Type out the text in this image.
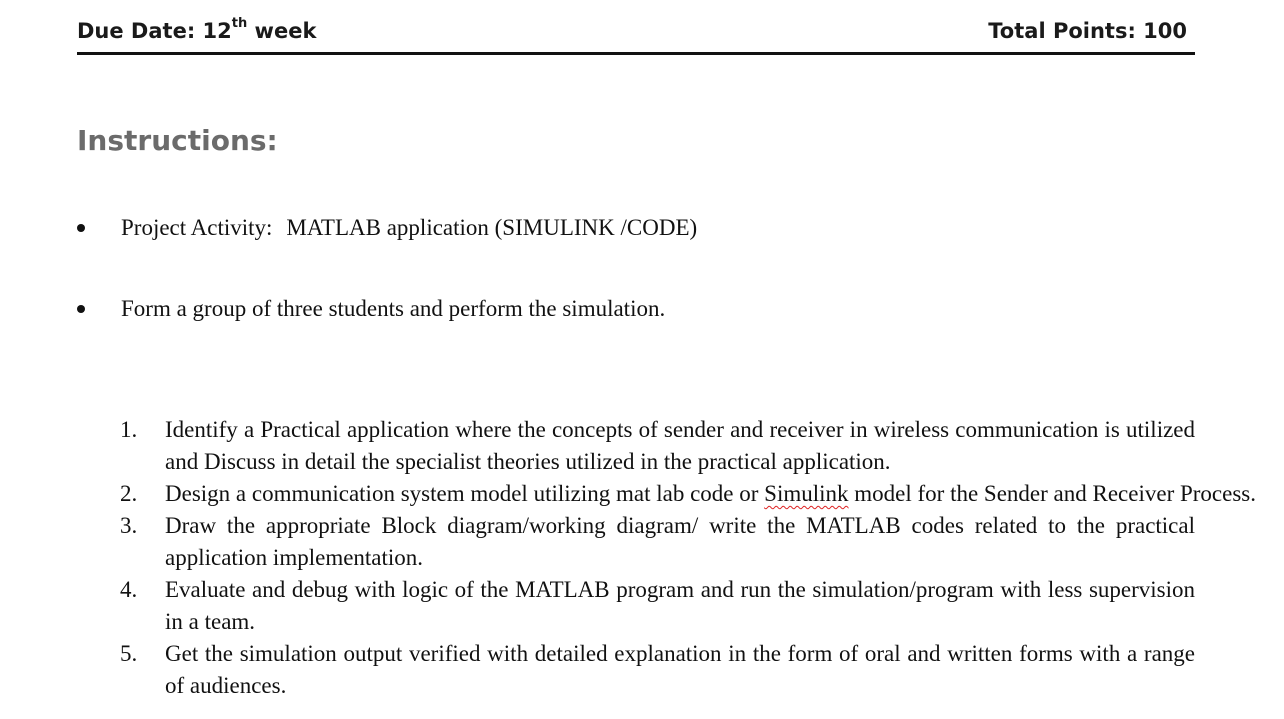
Due Date: 12th week	Total Points: 100
Instructions:
Project Activity: MATLAB application (SIMULINK /CODE)
Form a group of three students and perform the simulation.
1. Identify a Practical application where the concepts of sender and receiver in wireless communication is utilized and Discuss in detail the specialist theories utilized in the practical application.
2. Design a communication system model utilizing mat lab code or Simulink model for the Sender and Receiver Process.
3. Draw the appropriate Block diagram/working diagram/ write the MATLAB codes related to the practical application implementation.
4. Evaluate and debug with logic of the MATLAB program and run the simulation/program with less supervision in a team.
5. Get the simulation output verified with detailed explanation in the form of oral and written forms with a range of audiences.
